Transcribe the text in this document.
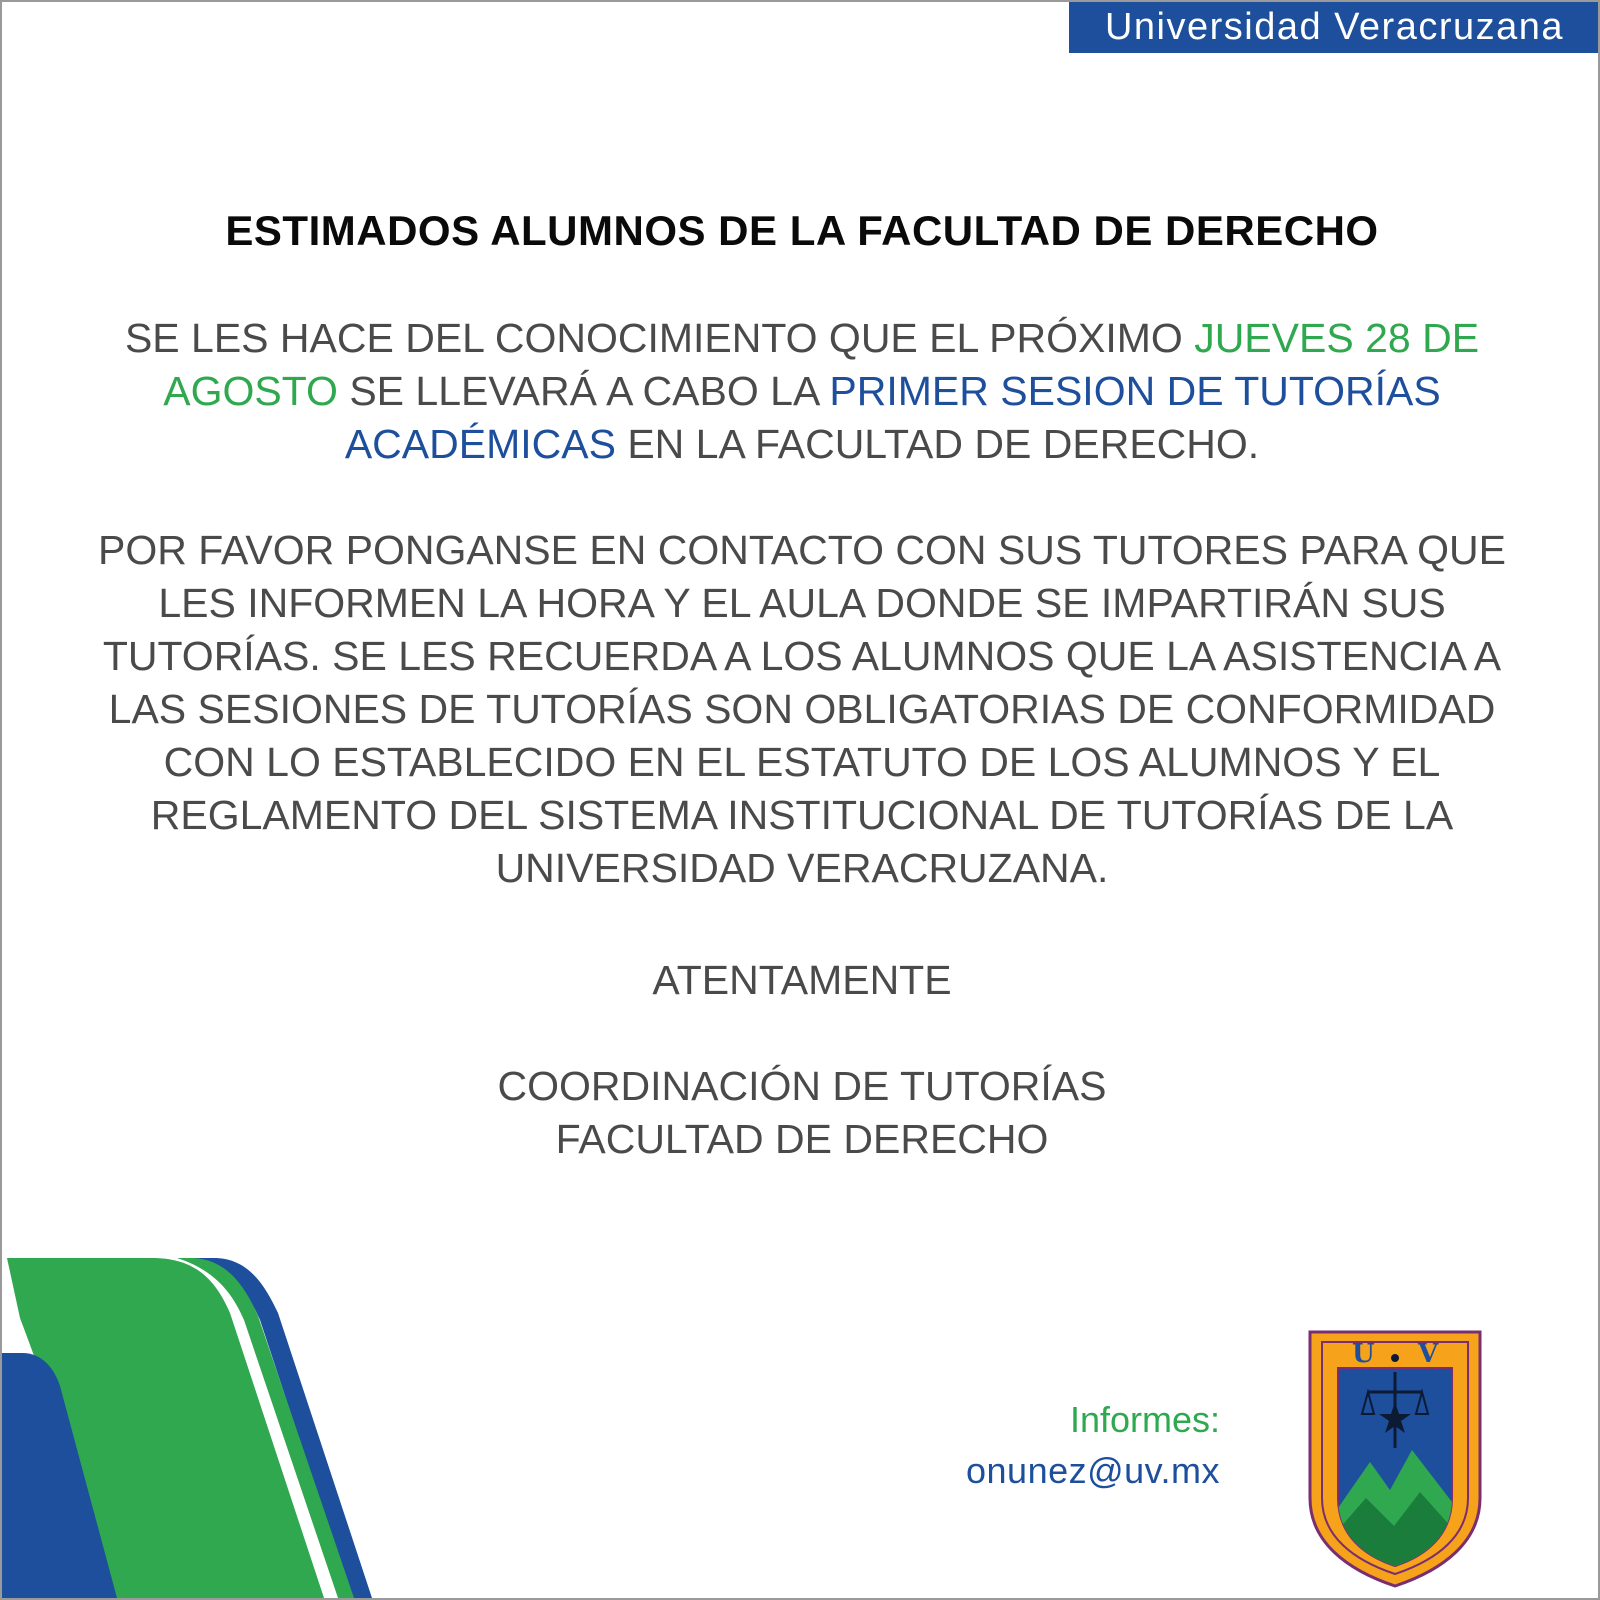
Universidad Veracruzana
ESTIMADOS ALUMNOS DE LA FACULTAD DE DERECHO
SE LES HACE DEL CONOCIMIENTO QUE EL PRÓXIMO JUEVES 28 DE AGOSTO SE LLEVARÁ A CABO LA PRIMER SESION DE TUTORÍAS ACADÉMICAS EN LA FACULTAD DE DERECHO.
POR FAVOR PONGANSE EN CONTACTO CON SUS TUTORES PARA QUE LES INFORMEN LA HORA Y EL AULA DONDE SE IMPARTIRÁN SUS TUTORÍAS. SE LES RECUERDA A LOS ALUMNOS QUE LA ASISTENCIA A LAS SESIONES DE TUTORÍAS SON OBLIGATORIAS DE CONFORMIDAD CON LO ESTABLECIDO EN EL ESTATUTO DE LOS ALUMNOS Y EL REGLAMENTO DEL SISTEMA INSTITUCIONAL DE TUTORÍAS DE LA UNIVERSIDAD VERACRUZANA.
ATENTAMENTE
COORDINACIÓN DE TUTORÍAS
FACULTAD DE DERECHO
Informes:
onunez@uv.mx
U V
